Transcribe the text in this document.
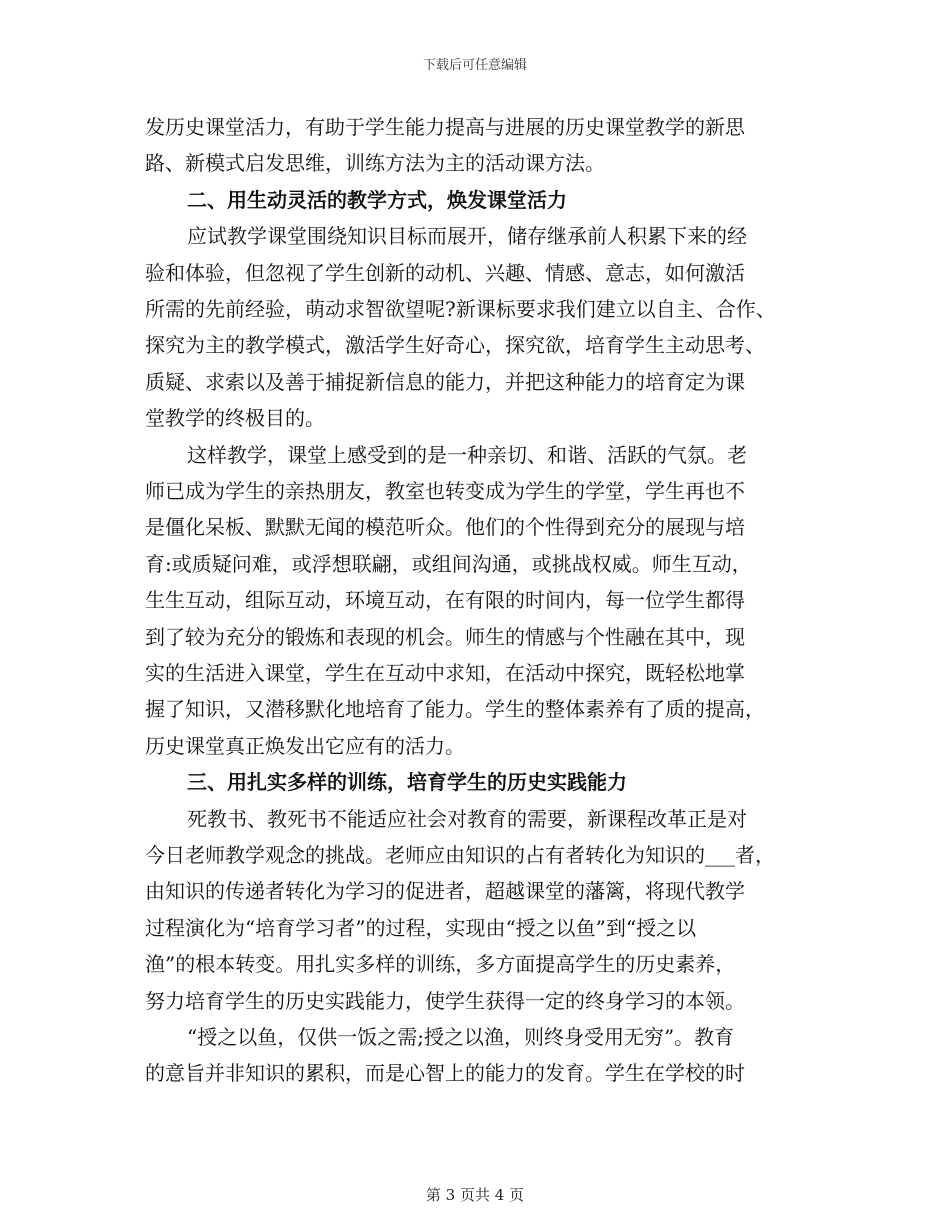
下载后可任意编辑
发历史课堂活力，有助于学生能力提高与进展的历史课堂教学的新思
路、新模式启发思维，训练方法为主的活动课方法。
二、用生动灵活的教学方式，焕发课堂活力
应试教学课堂围绕知识目标而展开，储存继承前人积累下来的经
验和体验，但忽视了学生创新的动机、兴趣、情感、意志，如何激活
所需的先前经验，萌动求智欲望呢?新课标要求我们建立以自主、合作、
探究为主的教学模式，激活学生好奇心，探究欲，培育学生主动思考、
质疑、求索以及善于捕捉新信息的能力，并把这种能力的培育定为课
堂教学的终极目的。
这样教学，课堂上感受到的是一种亲切、和谐、活跃的气氛。老
师已成为学生的亲热朋友，教室也转变成为学生的学堂，学生再也不
是僵化呆板、默默无闻的模范听众。他们的个性得到充分的展现与培
育:或质疑问难，或浮想联翩，或组间沟通，或挑战权威。师生互动，
生生互动，组际互动，环境互动，在有限的时间内，每一位学生都得
到了较为充分的锻炼和表现的机会。师生的情感与个性融在其中，现
实的生活进入课堂，学生在互动中求知，在活动中探究，既轻松地掌
握了知识，又潜移默化地培育了能力。学生的整体素养有了质的提高，
历史课堂真正焕发出它应有的活力。
三、用扎实多样的训练，培育学生的历史实践能力
死教书、教死书不能适应社会对教育的需要，新课程改革正是对
今日老师教学观念的挑战。老师应由知识的占有者转化为知识的___者，
由知识的传递者转化为学习的促进者，超越课堂的藩篱，将现代教学
过程演化为“培育学习者”的过程，实现由“授之以鱼”到“授之以
渔”的根本转变。用扎实多样的训练，多方面提高学生的历史素养，
努力培育学生的历史实践能力，使学生获得一定的终身学习的本领。
“授之以鱼，仅供一饭之需;授之以渔，则终身受用无穷”。教育
的意旨并非知识的累积，而是心智上的能力的发育。学生在学校的时
第 3 页共 4 页
